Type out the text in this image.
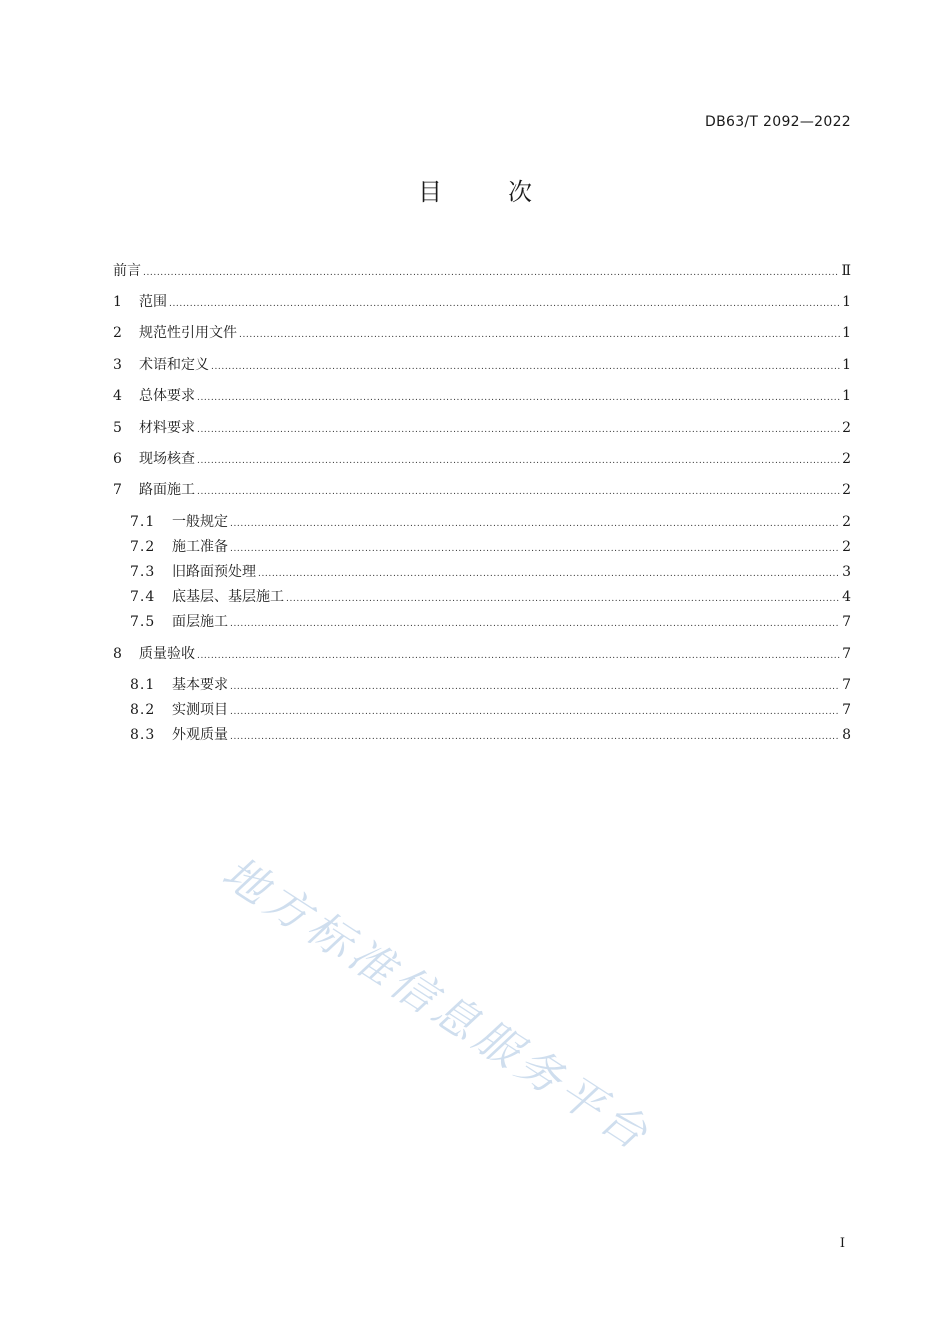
DB63/T 2092—2022
目	次
前言 .....	Ⅱ
1	范围 .....	1
2	规范性引用文件 .....	1
3	术语和定义 .....	1
4	总体要求 .....	1
5	材料要求 .....	2
6	现场核查 .....	2
7	路面施工 .....	2
7.1	一般规定 .....	2
7.2	施工准备 .....	2
7.3	旧路面预处理 .....	3
7.4	底基层、基层施工 .....	4
7.5	面层施工 .....	7
8	质量验收 .....	7
8.1	基本要求 .....	7
8.2	实测项目 .....	7
8.3	外观质量 .....	8
地方标准信息服务平台
I
